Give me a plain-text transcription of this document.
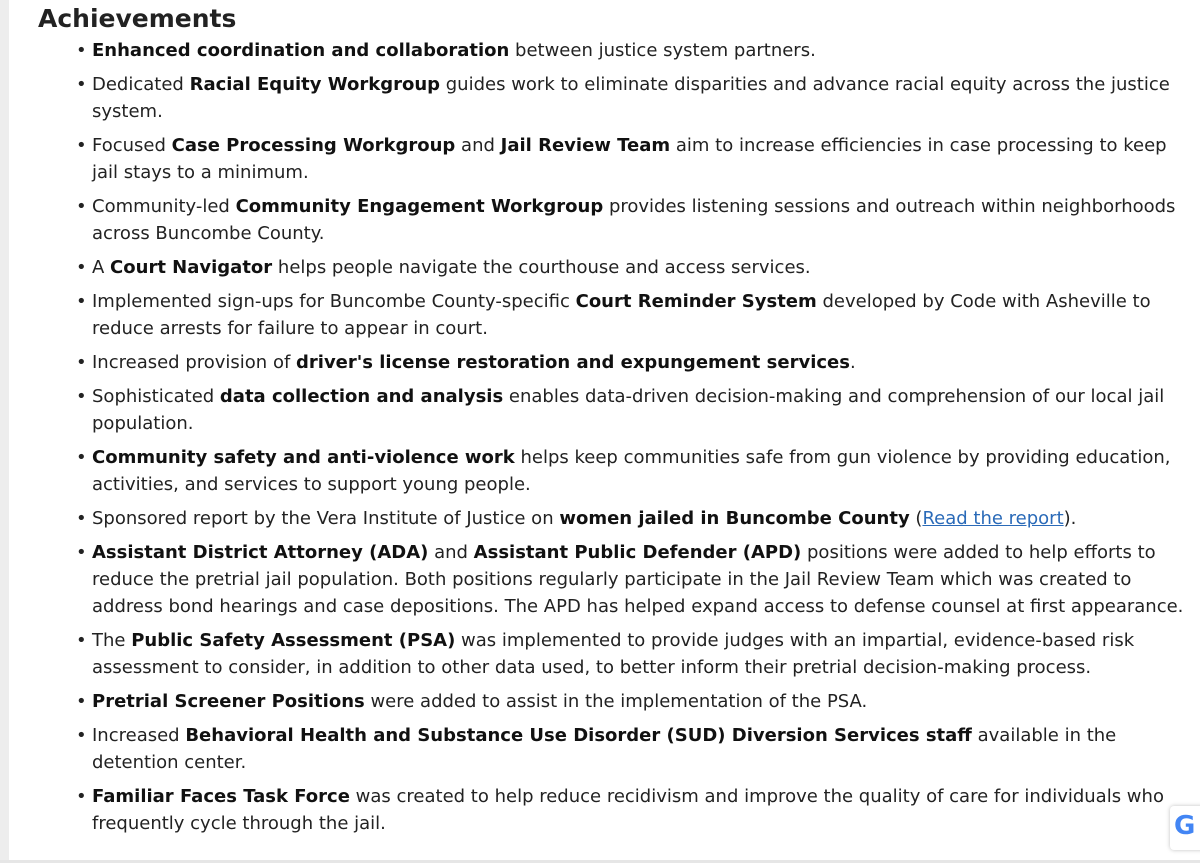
Achievements
• Enhanced coordination and collaboration between justice system partners.
• Dedicated Racial Equity Workgroup guides work to eliminate disparities and advance racial equity across the justice system.
• Focused Case Processing Workgroup and Jail Review Team aim to increase efficiencies in case processing to keep jail stays to a minimum.
• Community-led Community Engagement Workgroup provides listening sessions and outreach within neighborhoods across Buncombe County.
• A Court Navigator helps people navigate the courthouse and access services.
• Implemented sign-ups for Buncombe County-specific Court Reminder System developed by Code with Asheville to reduce arrests for failure to appear in court.
• Increased provision of driver's license restoration and expungement services.
• Sophisticated data collection and analysis enables data-driven decision-making and comprehension of our local jail population.
• Community safety and anti-violence work helps keep communities safe from gun violence by providing education, activities, and services to support young people.
• Sponsored report by the Vera Institute of Justice on women jailed in Buncombe County (Read the report).
• Assistant District Attorney (ADA) and Assistant Public Defender (APD) positions were added to help efforts to reduce the pretrial jail population. Both positions regularly participate in the Jail Review Team which was created to address bond hearings and case depositions. The APD has helped expand access to defense counsel at first appearance.
• The Public Safety Assessment (PSA) was implemented to provide judges with an impartial, evidence-based risk assessment to consider, in addition to other data used, to better inform their pretrial decision-making process.
• Pretrial Screener Positions were added to assist in the implementation of the PSA.
• Increased Behavioral Health and Substance Use Disorder (SUD) Diversion Services staff available in the detention center.
• Familiar Faces Task Force was created to help reduce recidivism and improve the quality of care for individuals who frequently cycle through the jail.	G
